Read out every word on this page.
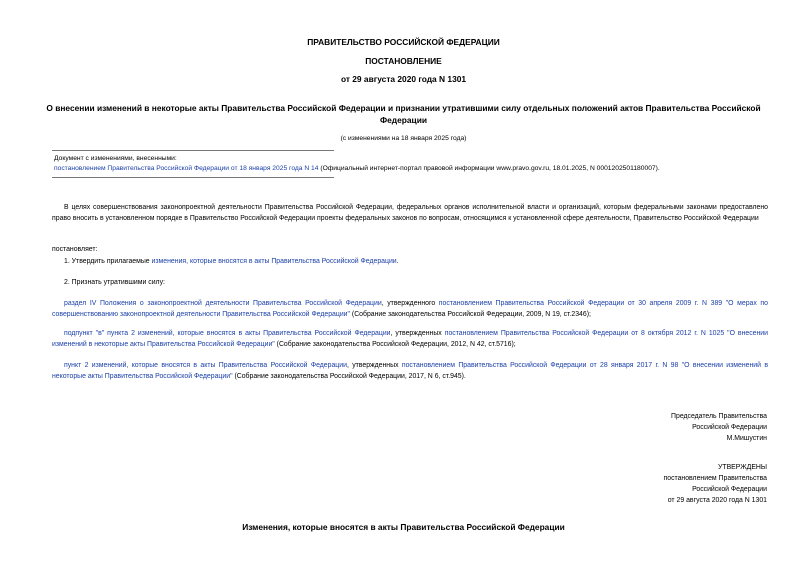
ПРАВИТЕЛЬСТВО РОССИЙСКОЙ ФЕДЕРАЦИИ
ПОСТАНОВЛЕНИЕ
от 29 августа 2020 года N 1301
О внесении изменений в некоторые акты Правительства Российской Федерации и признании утратившими силу отдельных положений актов Правительства Российской Федерации
(с изменениями на 18 января 2025 года)
Документ с изменениями, внесенными:
постановлением Правительства Российской Федерации от 18 января 2025 года N 14 (Официальный интернет-портал правовой информации www.pravo.gov.ru, 18.01.2025, N 0001202501180007).
В целях совершенствования законопроектной деятельности Правительства Российской Федерации, федеральных органов исполнительной власти и организаций, которым федеральными законами предоставлено право вносить в установленном порядке в Правительство Российской Федерации проекты федеральных законов по вопросам, относящимся к установленной сфере деятельности, Правительство Российской Федерации
постановляет:
1. Утвердить прилагаемые изменения, которые вносятся в акты Правительства Российской Федерации.
2. Признать утратившими силу:
раздел IV Положения о законопроектной деятельности Правительства Российской Федерации, утвержденного постановлением Правительства Российской Федерации от 30 апреля 2009 г. N 389 "О мерах по совершенствованию законопроектной деятельности Правительства Российской Федерации" (Собрание законодательства Российской Федерации, 2009, N 19, ст.2346);
подпункт "в" пункта 2 изменений, которые вносятся в акты Правительства Российской Федерации, утвержденных постановлением Правительства Российской Федерации от 8 октября 2012 г. N 1025 "О внесении изменений в некоторые акты Правительства Российской Федерации" (Собрание законодательства Российской Федерации, 2012, N 42, ст.5716);
пункт 2 изменений, которые вносятся в акты Правительства Российской Федерации, утвержденных постановлением Правительства Российской Федерации от 28 января 2017 г. N 98 "О внесении изменений в некоторые акты Правительства Российской Федерации" (Собрание законодательства Российской Федерации, 2017, N 6, ст.945).
Председатель Правительства
Российской Федерации
М.Мишустин
УТВЕРЖДЕНЫ
постановлением Правительства
Российской Федерации
от 29 августа 2020 года N 1301
Изменения, которые вносятся в акты Правительства Российской Федерации
